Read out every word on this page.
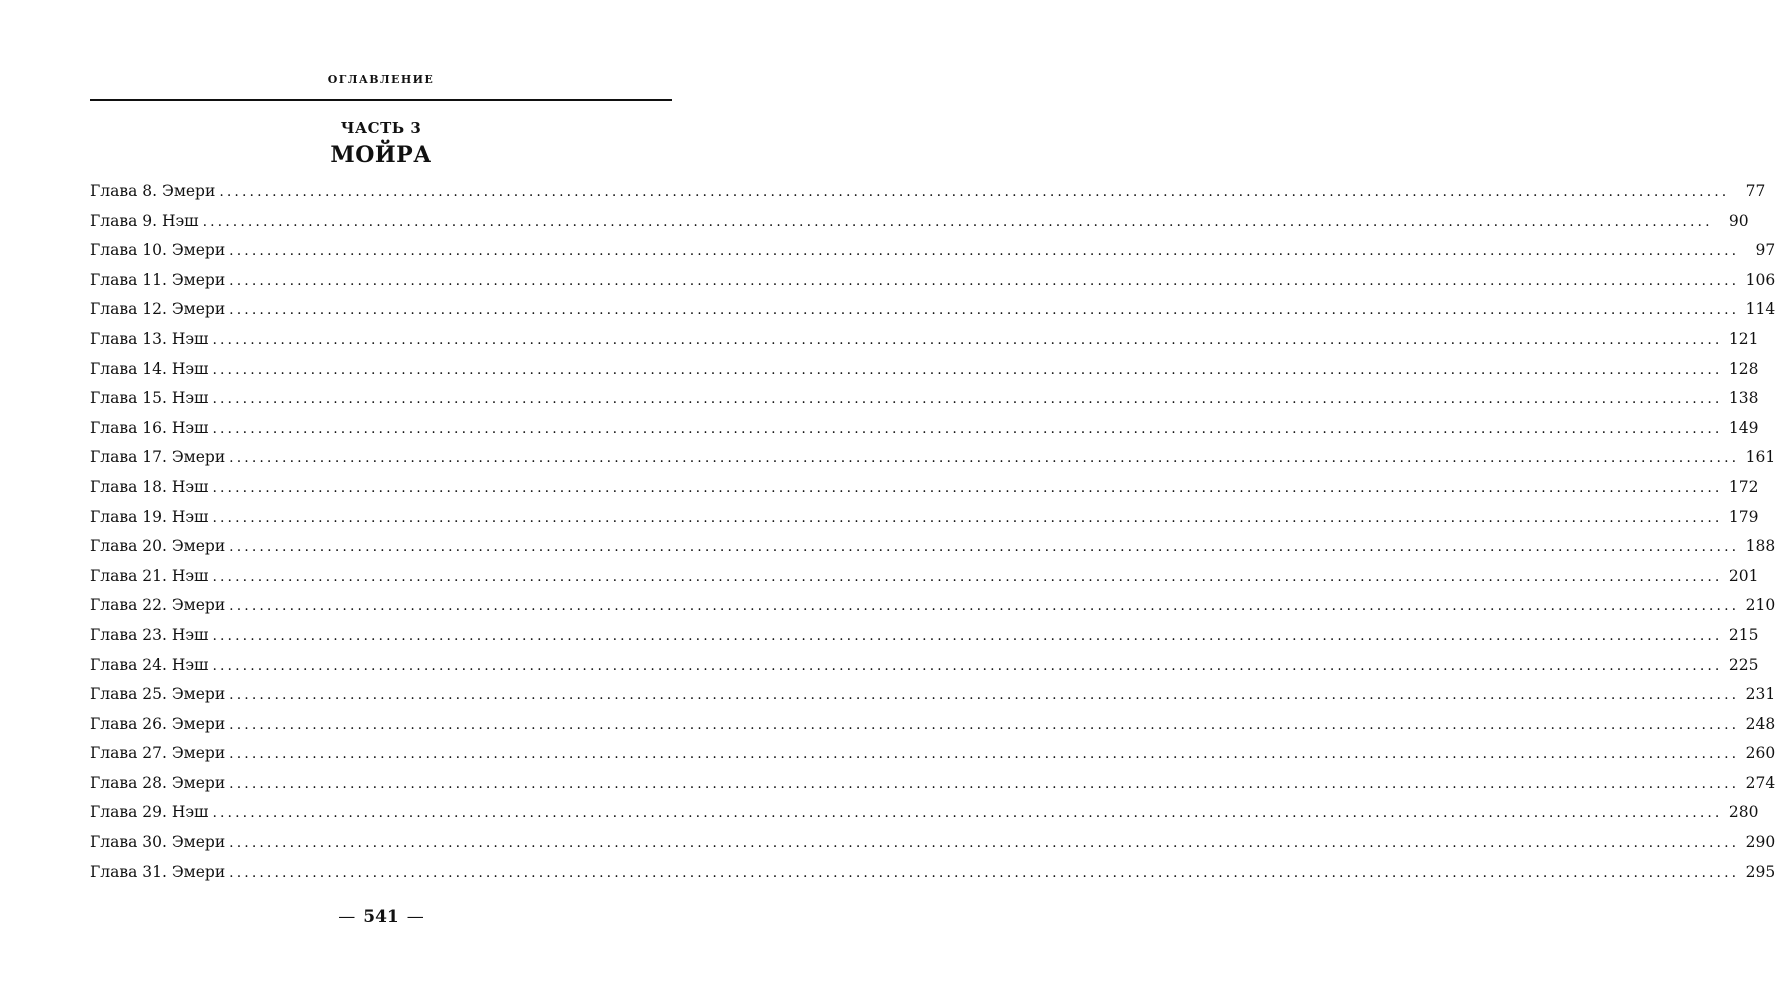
ОГЛАВЛЕНИЕ
ЧАСТЬ 3
МОЙРА
Глава 8. Эмери ........................................................................................................................................................................................................	77
Глава 9. Нэш ........................................................................................................................................................................................................	90
Глава 10. Эмери ........................................................................................................................................................................................................	97
Глава 11. Эмери ........................................................................................................................................................................................................ 106
Глава 12. Эмери ........................................................................................................................................................................................................ 114
Глава 13. Нэш ........................................................................................................................................................................................................ 121
Глава 14. Нэш ........................................................................................................................................................................................................ 128
Глава 15. Нэш ........................................................................................................................................................................................................ 138
Глава 16. Нэш ........................................................................................................................................................................................................ 149
Глава 17. Эмери ........................................................................................................................................................................................................ 161
Глава 18. Нэш ........................................................................................................................................................................................................ 172
Глава 19. Нэш ........................................................................................................................................................................................................ 179
Глава 20. Эмери ........................................................................................................................................................................................................ 188
Глава 21. Нэш ........................................................................................................................................................................................................ 201
Глава 22. Эмери ........................................................................................................................................................................................................ 210
Глава 23. Нэш ........................................................................................................................................................................................................ 215
Глава 24. Нэш ........................................................................................................................................................................................................ 225
Глава 25. Эмери ........................................................................................................................................................................................................ 231
Глава 26. Эмери ........................................................................................................................................................................................................ 248
Глава 27. Эмери ........................................................................................................................................................................................................ 260
Глава 28. Эмери ........................................................................................................................................................................................................ 274
Глава 29. Нэш ........................................................................................................................................................................................................ 280
Глава 30. Эмери ........................................................................................................................................................................................................ 290
Глава 31. Эмери ........................................................................................................................................................................................................ 295
— 541 —
